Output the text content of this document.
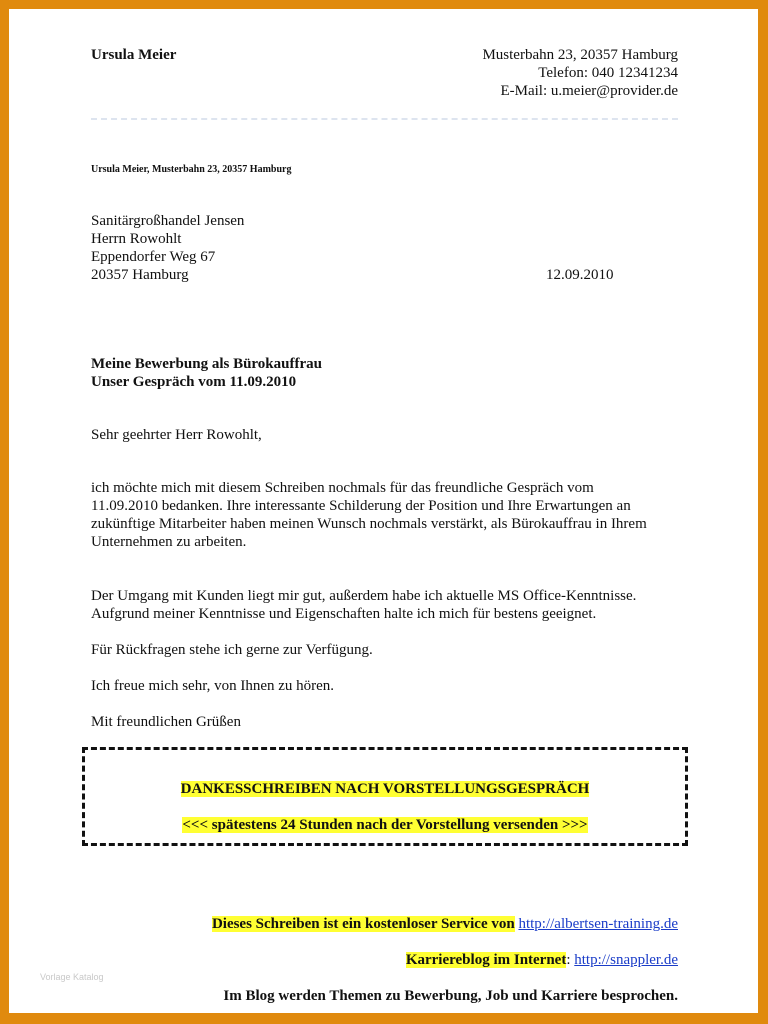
Ursula Meier	Musterbahn 23, 20357 Hamburg
Telefon: 040 12341234
E-Mail: u.meier@provider.de
Ursula Meier, Musterbahn 23, 20357 Hamburg
Sanitärgroßhandel Jensen
Herrn Rowohlt
Eppendorfer Weg 67
20357 Hamburg	12.09.2010
Meine Bewerbung als Bürokauffrau
Unser Gespräch vom 11.09.2010
Sehr geehrter Herr Rowohlt,

ich möchte mich mit diesem Schreiben nochmals für das freundliche Gespräch vom
11.09.2010 bedanken. Ihre interessante Schilderung der Position und Ihre Erwartungen an
zukünftige Mitarbeiter haben meinen Wunsch nochmals verstärkt, als Bürokauffrau in Ihrem
Unternehmen zu arbeiten.

Der Umgang mit Kunden liegt mir gut, außerdem habe ich aktuelle MS Office-Kenntnisse.
Aufgrund meiner Kenntnisse und Eigenschaften halte ich mich für bestens geeignet.
Für Rückfragen stehe ich gerne zur Verfügung.
Ich freue mich sehr, von Ihnen zu hören.
Mit freundlichen Grüßen
DANKESSCHREIBEN NACH VORSTELLUNGSGESPRÄCH
<<< spätestens 24 Stunden nach der Vorstellung versenden >>>
Dieses Schreiben ist ein kostenloser Service von http://albertsen-training.de
Karriereblog im Internet: http://snappler.de
Im Blog werden Themen zu Bewerbung, Job und Karriere besprochen.
Vorlage Katalog
